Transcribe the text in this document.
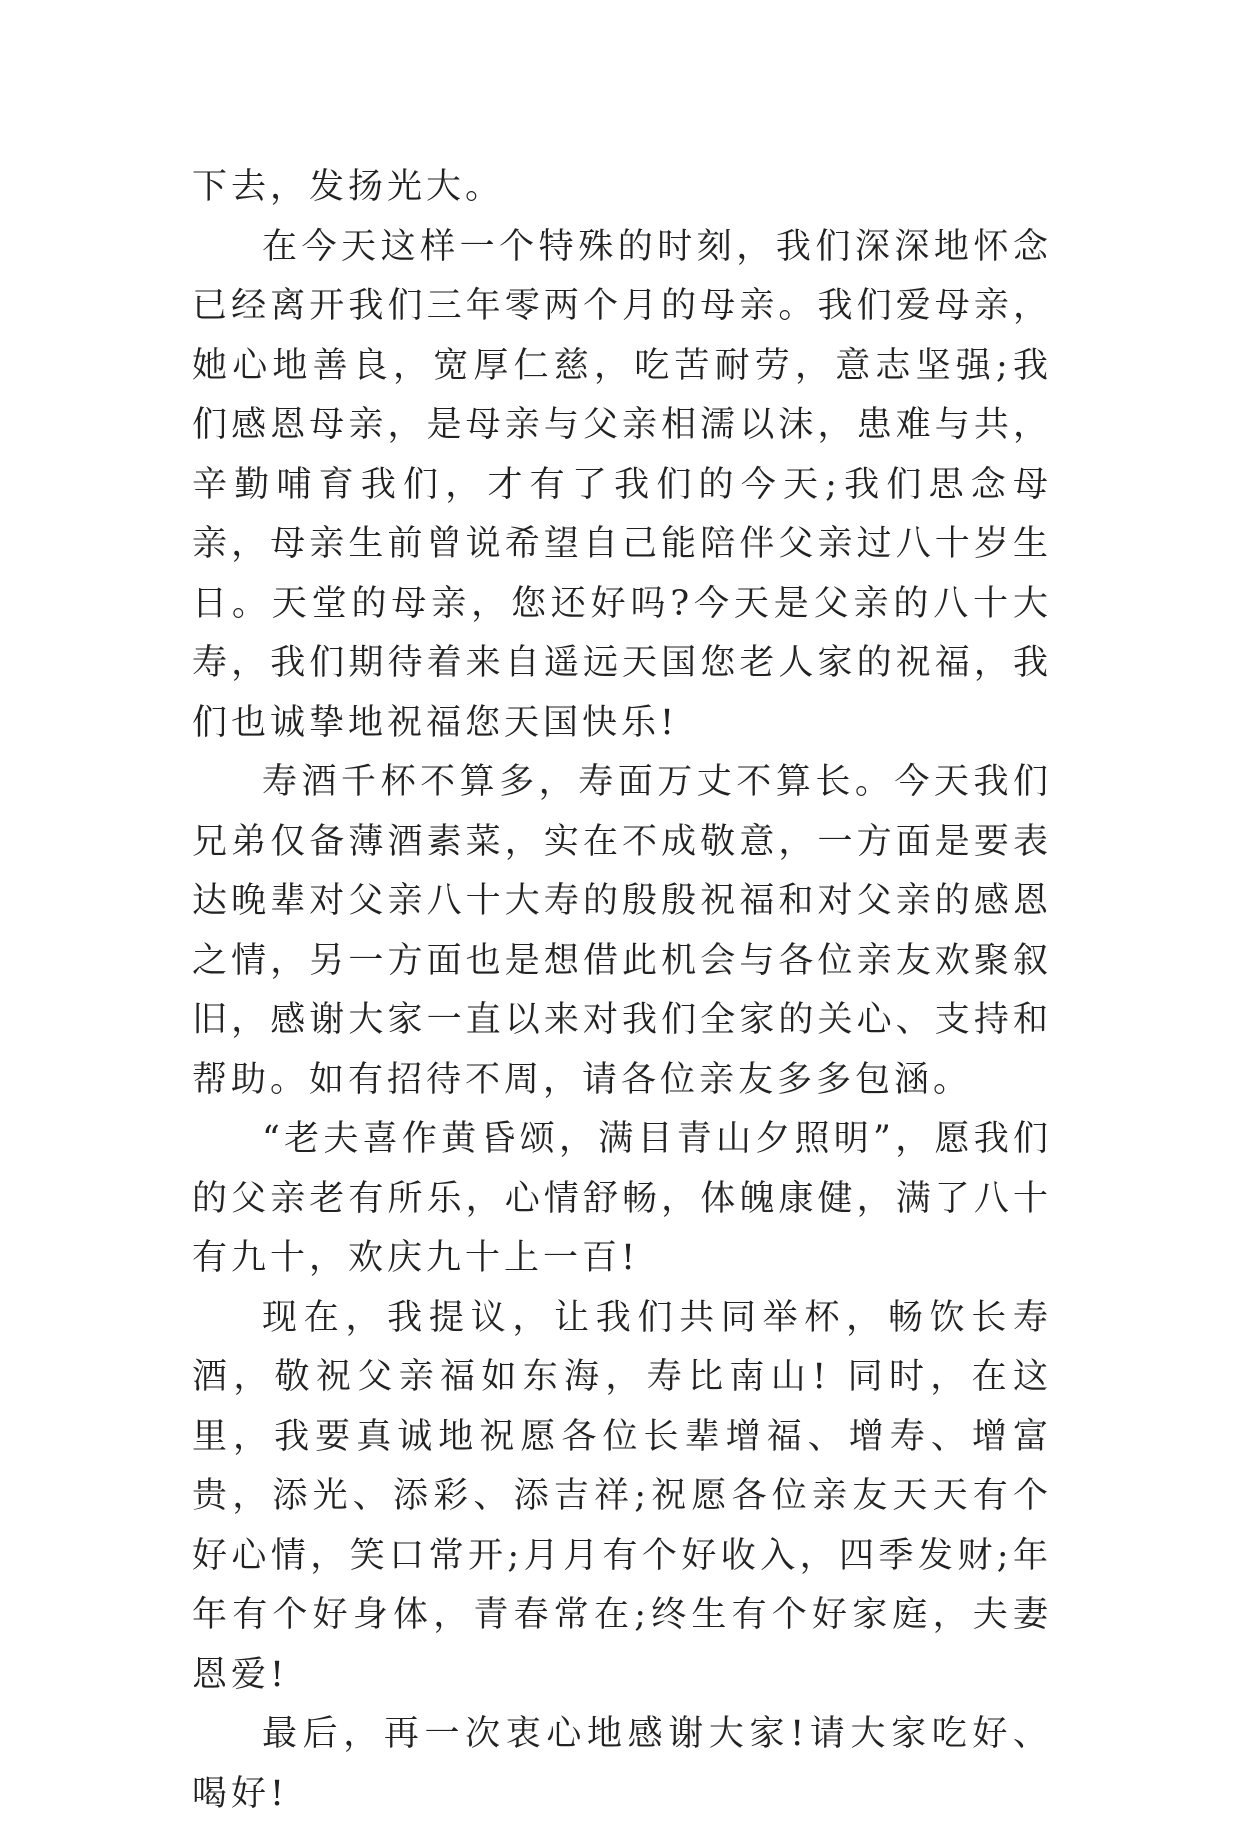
下去，发扬光大。

在今天这样一个特殊的时刻，我们深深地怀念已经离开我们三年零两个月的母亲。我们爱母亲，她心地善良，宽厚仁慈，吃苦耐劳，意志坚强;我们感恩母亲，是母亲与父亲相濡以沫，患难与共，辛勤哺育我们，才有了我们的今天;我们思念母亲，母亲生前曾说希望自己能陪伴父亲过八十岁生日。天堂的母亲，您还好吗?今天是父亲的八十大寿，我们期待着来自遥远天国您老人家的祝福，我们也诚挚地祝福您天国快乐!

寿酒千杯不算多，寿面万丈不算长。今天我们兄弟仅备薄酒素菜，实在不成敬意，一方面是要表达晚辈对父亲八十大寿的殷殷祝福和对父亲的感恩之情，另一方面也是想借此机会与各位亲友欢聚叙旧，感谢大家一直以来对我们全家的关心、支持和帮助。如有招待不周，请各位亲友多多包涵。

“老夫喜作黄昏颂，满目青山夕照明”，愿我们的父亲老有所乐，心情舒畅，体魄康健，满了八十有九十，欢庆九十上一百!

现在，我提议，让我们共同举杯，畅饮长寿酒，敬祝父亲福如东海，寿比南山! 同时，在这里，我要真诚地祝愿各位长辈增福、增寿、增富贵，添光、添彩、添吉祥;祝愿各位亲友天天有个好心情，笑口常开;月月有个好收入，四季发财;年年有个好身体，青春常在;终生有个好家庭，夫妻恩爱!

最后，再一次衷心地感谢大家!请大家吃好、喝好!
